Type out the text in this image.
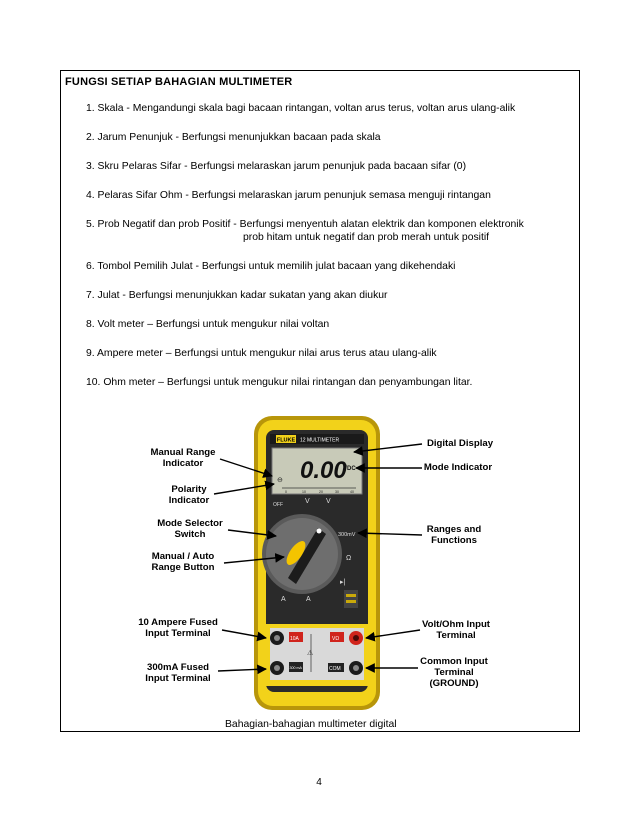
FUNGSI SETIAP BAHAGIAN MULTIMETER
1. Skala - Mengandungi skala bagi bacaan rintangan, voltan arus terus, voltan arus ulang-alik
2. Jarum Penunjuk - Berfungsi menunjukkan bacaan pada skala
3. Skru Pelaras Sifar - Berfungsi melaraskan jarum penunjuk pada bacaan sifar (0)
4. Pelaras Sifar Ohm - Berfungsi melaraskan jarum penunjuk semasa menguji rintangan
5. Prob Negatif dan prob Positif - Berfungsi menyentuh alatan elektrik dan komponen elektronik
prob hitam untuk negatif dan prob merah untuk positif
6. Tombol Pemilih Julat - Berfungsi untuk memilih julat bacaan yang dikehendaki
7. Julat - Berfungsi menunjukkan kadar sukatan yang akan diukur
8. Volt meter – Berfungsi untuk mengukur nilai voltan
9. Ampere meter – Berfungsi untuk mengukur nilai arus terus atau ulang-alik
10. Ohm meter – Berfungsi untuk mengukur nilai rintangan dan penyambungan litar.
Bahagian-bahagian multimeter digital
FLUKE 12 MULTIMETER
⊖ 0.00
VDC
0	10	20	30	40
OFF	V V
300mV
Ω
▸|
A	A
10A
300 mA
VΩ
COM
⚠
Manual Range
Indicator
Polarity
Indicator
Mode Selector
Switch
Manual / Auto
Range Button
10 Ampere Fused
Input Terminal
300mA Fused
Input Terminal
Digital Display
Mode Indicator
Ranges and
Functions
Volt/Ohm Input
Terminal
Common Input
Terminal
(GROUND)
4
